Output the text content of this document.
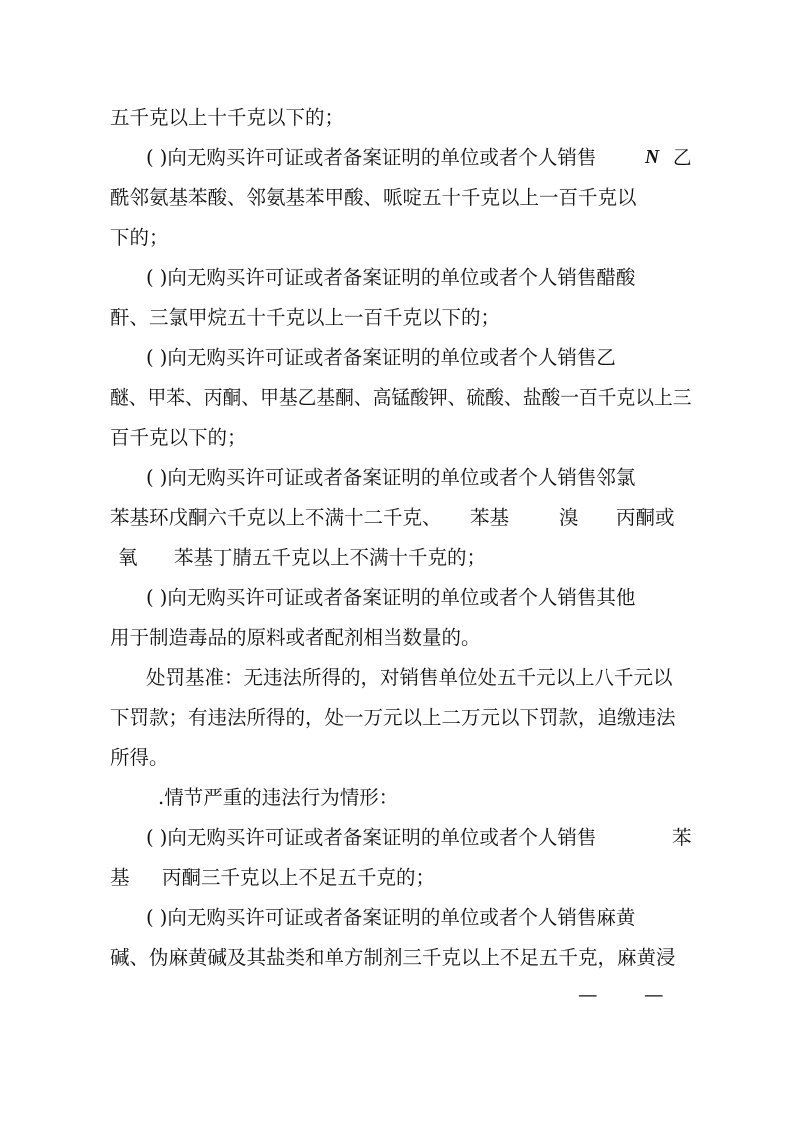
五千克以上十千克以下的；
( )向无购买许可证或者备案证明的单位或者个人销售 N 乙
酰邻氨基苯酸、邻氨基苯甲酸、哌啶五十千克以上一百千克以
下的；
( )向无购买许可证或者备案证明的单位或者个人销售醋酸
酐、三氯甲烷五十千克以上一百千克以下的；
( )向无购买许可证或者备案证明的单位或者个人销售乙
醚、甲苯、丙酮、甲基乙基酮、高锰酸钾、硫酸、盐酸一百千克以上三
百千克以下的；
( )向无购买许可证或者备案证明的单位或者个人销售邻氯
苯基环戊酮六千克以上不满十二千克、 苯基	溴 丙酮或
氧 苯基丁腈五千克以上不满十千克的；
( )向无购买许可证或者备案证明的单位或者个人销售其他
用于制造毒品的原料或者配剂相当数量的。
处罚基准：无违法所得的，对销售单位处五千元以上八千元以
下罚款；有违法所得的，处一万元以上二万元以下罚款，追缴违法
所得。
.情节严重的违法行为情形：
( )向无购买许可证或者备案证明的单位或者个人销售	苯
基 丙酮三千克以上不足五千克的；
( )向无购买许可证或者备案证明的单位或者个人销售麻黄
碱、伪麻黄碱及其盐类和单方制剂三千克以上不足五千克，麻黄浸
— —
